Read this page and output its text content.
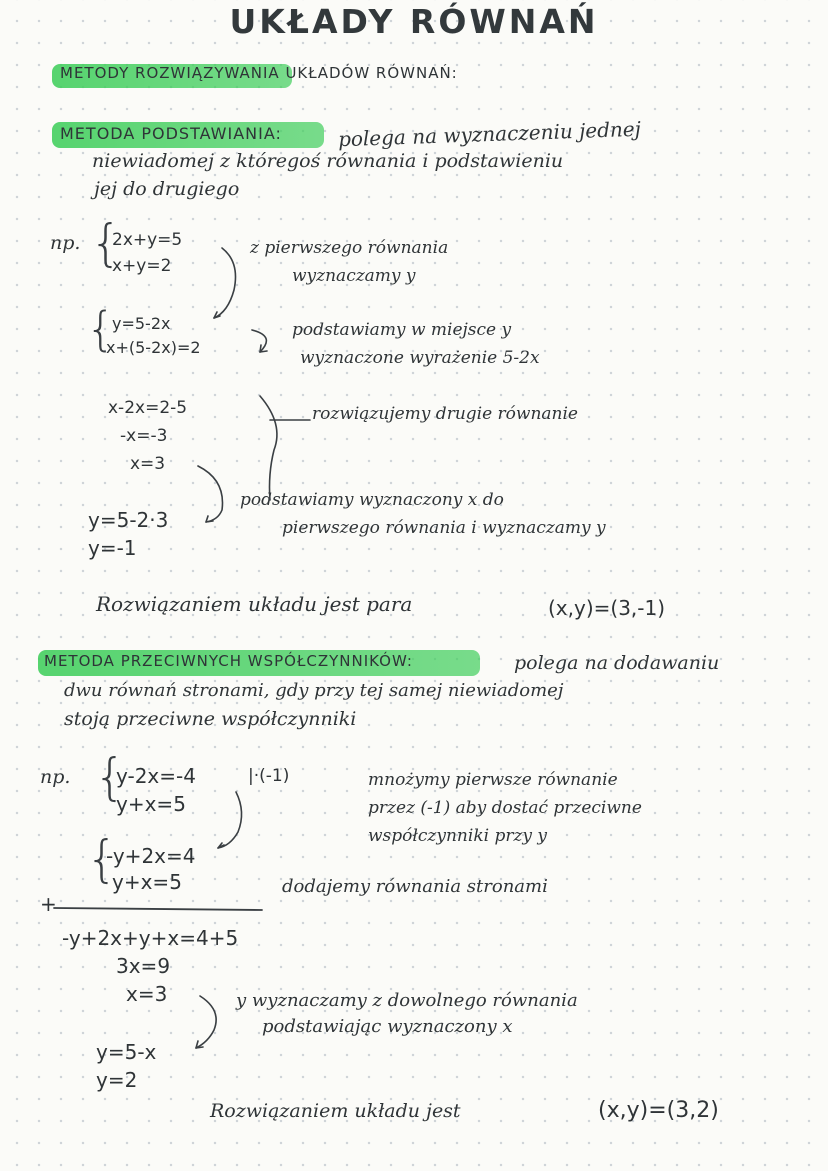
UKŁADY RÓWNAŃ
METODY ROZWIĄZYWANIA UKŁADÓW RÓWNAŃ:
METODA PODSTAWIANIA:	polega na wyznaczeniu jednej
niewiadomej z któregoś równania i podstawieniu
jej do drugiego
np. {
2x+y=5
x+y=2
z pierwszego równania
wyznaczamy y
{
y=5-2x
x+(5-2x)=2
podstawiamy w miejsce y
wyznaczone wyrażenie 5-2x
x-2x=2-5
-x=-3
x=3
rozwiązujemy drugie równanie
y=5-2·3
y=-1
podstawiamy wyznaczony x do
pierwszego równania i wyznaczamy y
Rozwiązaniem układu jest para	(x,y)=(3,-1)
METODA PRZECIWNYCH WSPÓŁCZYNNIKÓW:	polega na dodawaniu
dwu równań stronami, gdy przy tej samej niewiadomej
stoją przeciwne współczynniki
np. {
y-2x=-4
y+x=5
|·(-1)	mnożymy pierwsze równanie
przez (-1) aby dostać przeciwne
współczynniki przy y
{
-y+2x=4
y+x=5
+
dodajemy równania stronami
-y+2x+y+x=4+5
3x=9
x=3	y wyznaczamy z dowolnego równania
podstawiając wyznaczony x
y=5-x
y=2
Rozwiązaniem układu jest	(x,y)=(3,2)
